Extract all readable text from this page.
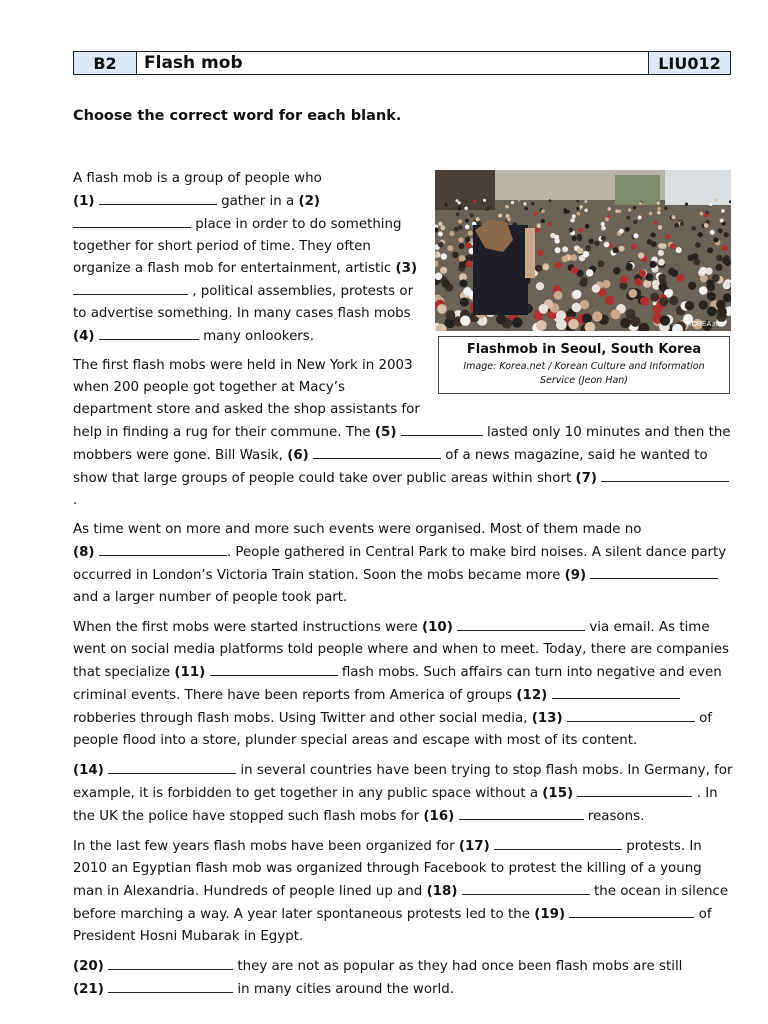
B2	Flash mob	LIU012
Choose the correct word for each blank.
KOREA.net
Flashmob in Seoul, South Korea
Image: Korea.net / Korean Culture and Information Service (Jeon Han)

A flash mob is a group of people who
(1)	gather in a (2)  place in order to do something together for short period of time. They often organize a flash mob for entertainment, artistic (3)  , political assemblies, protests or to advertise something. In many cases flash mobs (4)	many onlookers.

The first flash mobs were held in New York in 2003 when 200 people got together at Macy’s department store and asked the shop assistants for help in finding a rug for their commune. The (5)	lasted only 10 minutes and then the mobbers were gone. Bill Wasik, (6)	of a news magazine, said he wanted to show that large groups of people could take over public areas within short (7) .

As time went on more and more such events were organised. Most of them made no
(8)	. People gathered in Central Park to make bird noises. A silent dance party occurred in London’s Victoria Train station. Soon the mobs became more (9)  and a larger number of people took part.

When the first mobs were started instructions were (10)	via email. As time went on social media platforms told people where and when to meet. Today, there are companies that specialize (11)	flash mobs. Such affairs can turn into negative and even criminal events. There have been reports from America of groups (12)  robberies through flash mobs. Using Twitter and other social media, (13)	of people flood into a store, plunder special areas and escape with most of its content.

(14)	in several countries have been trying to stop flash mobs. In Germany, for example, it is forbidden to get together in any public space without a (15)	. In the UK the police have stopped such flash mobs for (16)	reasons.

In the last few years flash mobs have been organized for (17)	protests. In 2010 an Egyptian flash mob was organized through Facebook to protest the killing of a young man in Alexandria. Hundreds of people lined up and (18)	the ocean in silence before marching a way. A year later spontaneous protests led to the (19)	of President Hosni Mubarak in Egypt.

(20)	they are not as popular as they had once been flash mobs are still
(21)	in many cities around the world.
